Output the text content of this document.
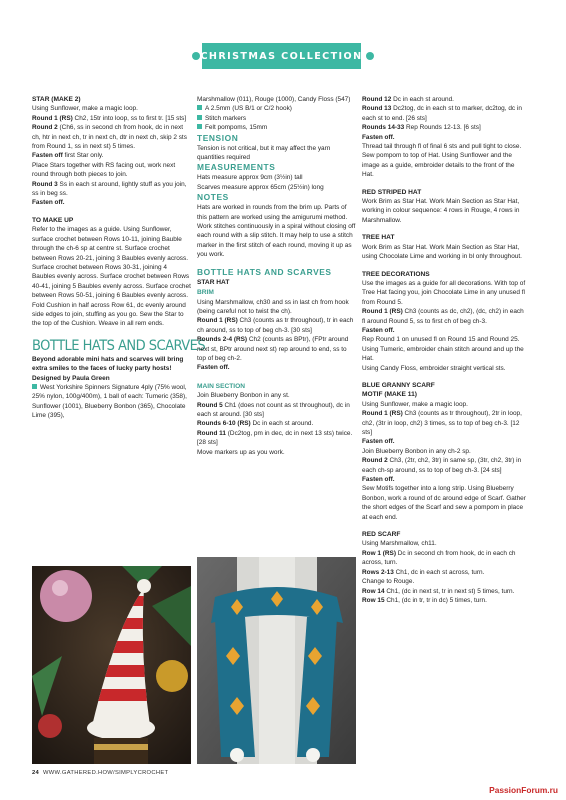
CHRISTMAS COLLECTION

STAR (MAKE 2)

Using Sunflower, make a magic loop.

Round 1 (RS) Ch2, 15tr into loop, ss to first tr. [15 sts]

Round 2 (Ch6, ss in second ch from hook, dc in next ch, htr in next ch, tr in next ch, dtr in next ch, skip 2 sts from Round 1, ss in next st) 5 times.

Fasten off first Star only.

Place Stars together with RS facing out, work next round through both pieces to join.

Round 3 Ss in each st around, lightly stuff as you join, ss in beg ss.

Fasten off.

TO MAKE UP

Refer to the images as a guide. Using Sunflower, surface crochet between Rows 10-11, joining Bauble through the ch-6 sp at centre st. Surface crochet between Rows 20-21, joining 3 Baubles evenly across. Surface crochet between Rows 30-31, joining 4 Baubles evenly across. Surface crochet between Rows 40-41, joining 5 Baubles evenly across. Surface crochet between Rows 50-51, joining 6 Baubles evenly across. Fold Cushion in half across Row 61, dc evenly around side edges to join, stuffing as you go. Sew the Star to the top of the Cushion. Weave in all rem ends.

BOTTLE HATS AND SCARVES

Beyond adorable mini hats and scarves will bring extra smiles to the faces of lucky party hosts! Designed by Paula Green

West Yorkshire Spinners Signature 4ply (75% wool, 25% nylon, 100g/400m), 1 ball of each: Tumeric (358), Sunflower (1001), Blueberry Bonbon (365), Chocolate Lime (395),

Marshmallow (011), Rouge (1000), Candy Floss (547)

A 2.5mm (US B/1 or C/2 hook)

Stitch markers

Felt pompoms, 15mm

TENSION

Tension is not critical, but it may affect the yarn quantities required

MEASUREMENTS

Hats measure approx 9cm (3½in) tall

Scarves measure approx 65cm (25½in) long

NOTES

Hats are worked in rounds from the brim up. Parts of this pattern are worked using the amigurumi method. Work stitches continuously in a spiral without closing off each round with a slip stitch. It may help to use a stitch marker in the first stitch of each round, moving it up as you work.

BOTTLE HATS AND SCARVES

STAR HAT

BRIM

Using Marshmallow, ch30 and ss in last ch from hook (being careful not to twist the ch).

Round 1 (RS) Ch3 (counts as tr throughout), tr in each ch around, ss to top of beg ch-3. [30 sts]

Rounds 2-4 (RS) Ch2 (counts as BPtr), (FPtr around next st, BPtr around next st) rep around to end, ss to top of beg ch-2.

Fasten off.

MAIN SECTION

Join Blueberry Bonbon in any st.

Round 5 Ch1 (does not count as st throughout), dc in each st around. [30 sts]

Rounds 6-10 (RS) Dc in each st around.

Round 11 (Dc2tog, pm in dec, dc in next 13 sts) twice. [28 sts]

Move markers up as you work.

Round 12 Dc in each st around.

Round 13 Dc2tog, dc in each st to marker, dc2tog, dc in each st to end. [26 sts]

Rounds 14-33 Rep Rounds 12-13. [6 sts]

Fasten off.

Thread tail through fl of final 6 sts and pull tight to close. Sew pompom to top of Hat. Using Sunflower and the image as a guide, embroider details to the front of the Hat.

RED STRIPED HAT

Work Brim as Star Hat. Work Main Section as Star Hat, working in colour sequence: 4 rows in Rouge, 4 rows in Marshmallow.

TREE HAT

Work Brim as Star Hat. Work Main Section as Star Hat, using Chocolate Lime and working in bl only throughout.

TREE DECORATIONS

Use the images as a guide for all decorations. With top of Tree Hat facing you, join Chocolate Lime in any unused fl from Round 5.

Round 1 (RS) Ch3 (counts as dc, ch2), (dc, ch2) in each fl around Round 5, ss to first ch of beg ch-3.

Fasten off.

Rep Round 1 on unused fl on Round 15 and Round 25.

Using Tumeric, embroider chain stitch around and up the Hat.

Using Candy Floss, embroider straight vertical sts.

BLUE GRANNY SCARF

MOTIF (MAKE 11)

Using Sunflower, make a magic loop.

Round 1 (RS) Ch3 (counts as tr throughout), 2tr in loop, ch2, (3tr in loop, ch2) 3 times, ss to top of beg ch-3. [12 sts]

Fasten off.

Join Blueberry Bonbon in any ch-2 sp.

Round 2 Ch3, (2tr, ch2, 3tr) in same sp, (3tr, ch2, 3tr) in each ch-sp around, ss to top of beg ch-3. [24 sts]

Fasten off.

Sew Motifs together into a long strip. Using Blueberry Bonbon, work a round of dc around edge of Scarf. Gather the short edges of the Scarf and sew a pompom in place at each end.

RED SCARF

Using Marshmallow, ch11.

Row 1 (RS) Dc in second ch from hook, dc in each ch across, turn.

Rows 2-13 Ch1, dc in each st across, turn.

Change to Rouge.

Row 14 Ch1, (dc in next st, tr in next st) 5 times, turn.

Row 15 Ch1, (dc in tr, tr in dc) 5 times, turn.

24 WWW.GATHERED.HOW/SIMPLYCROCHET
PassionForum.ru
